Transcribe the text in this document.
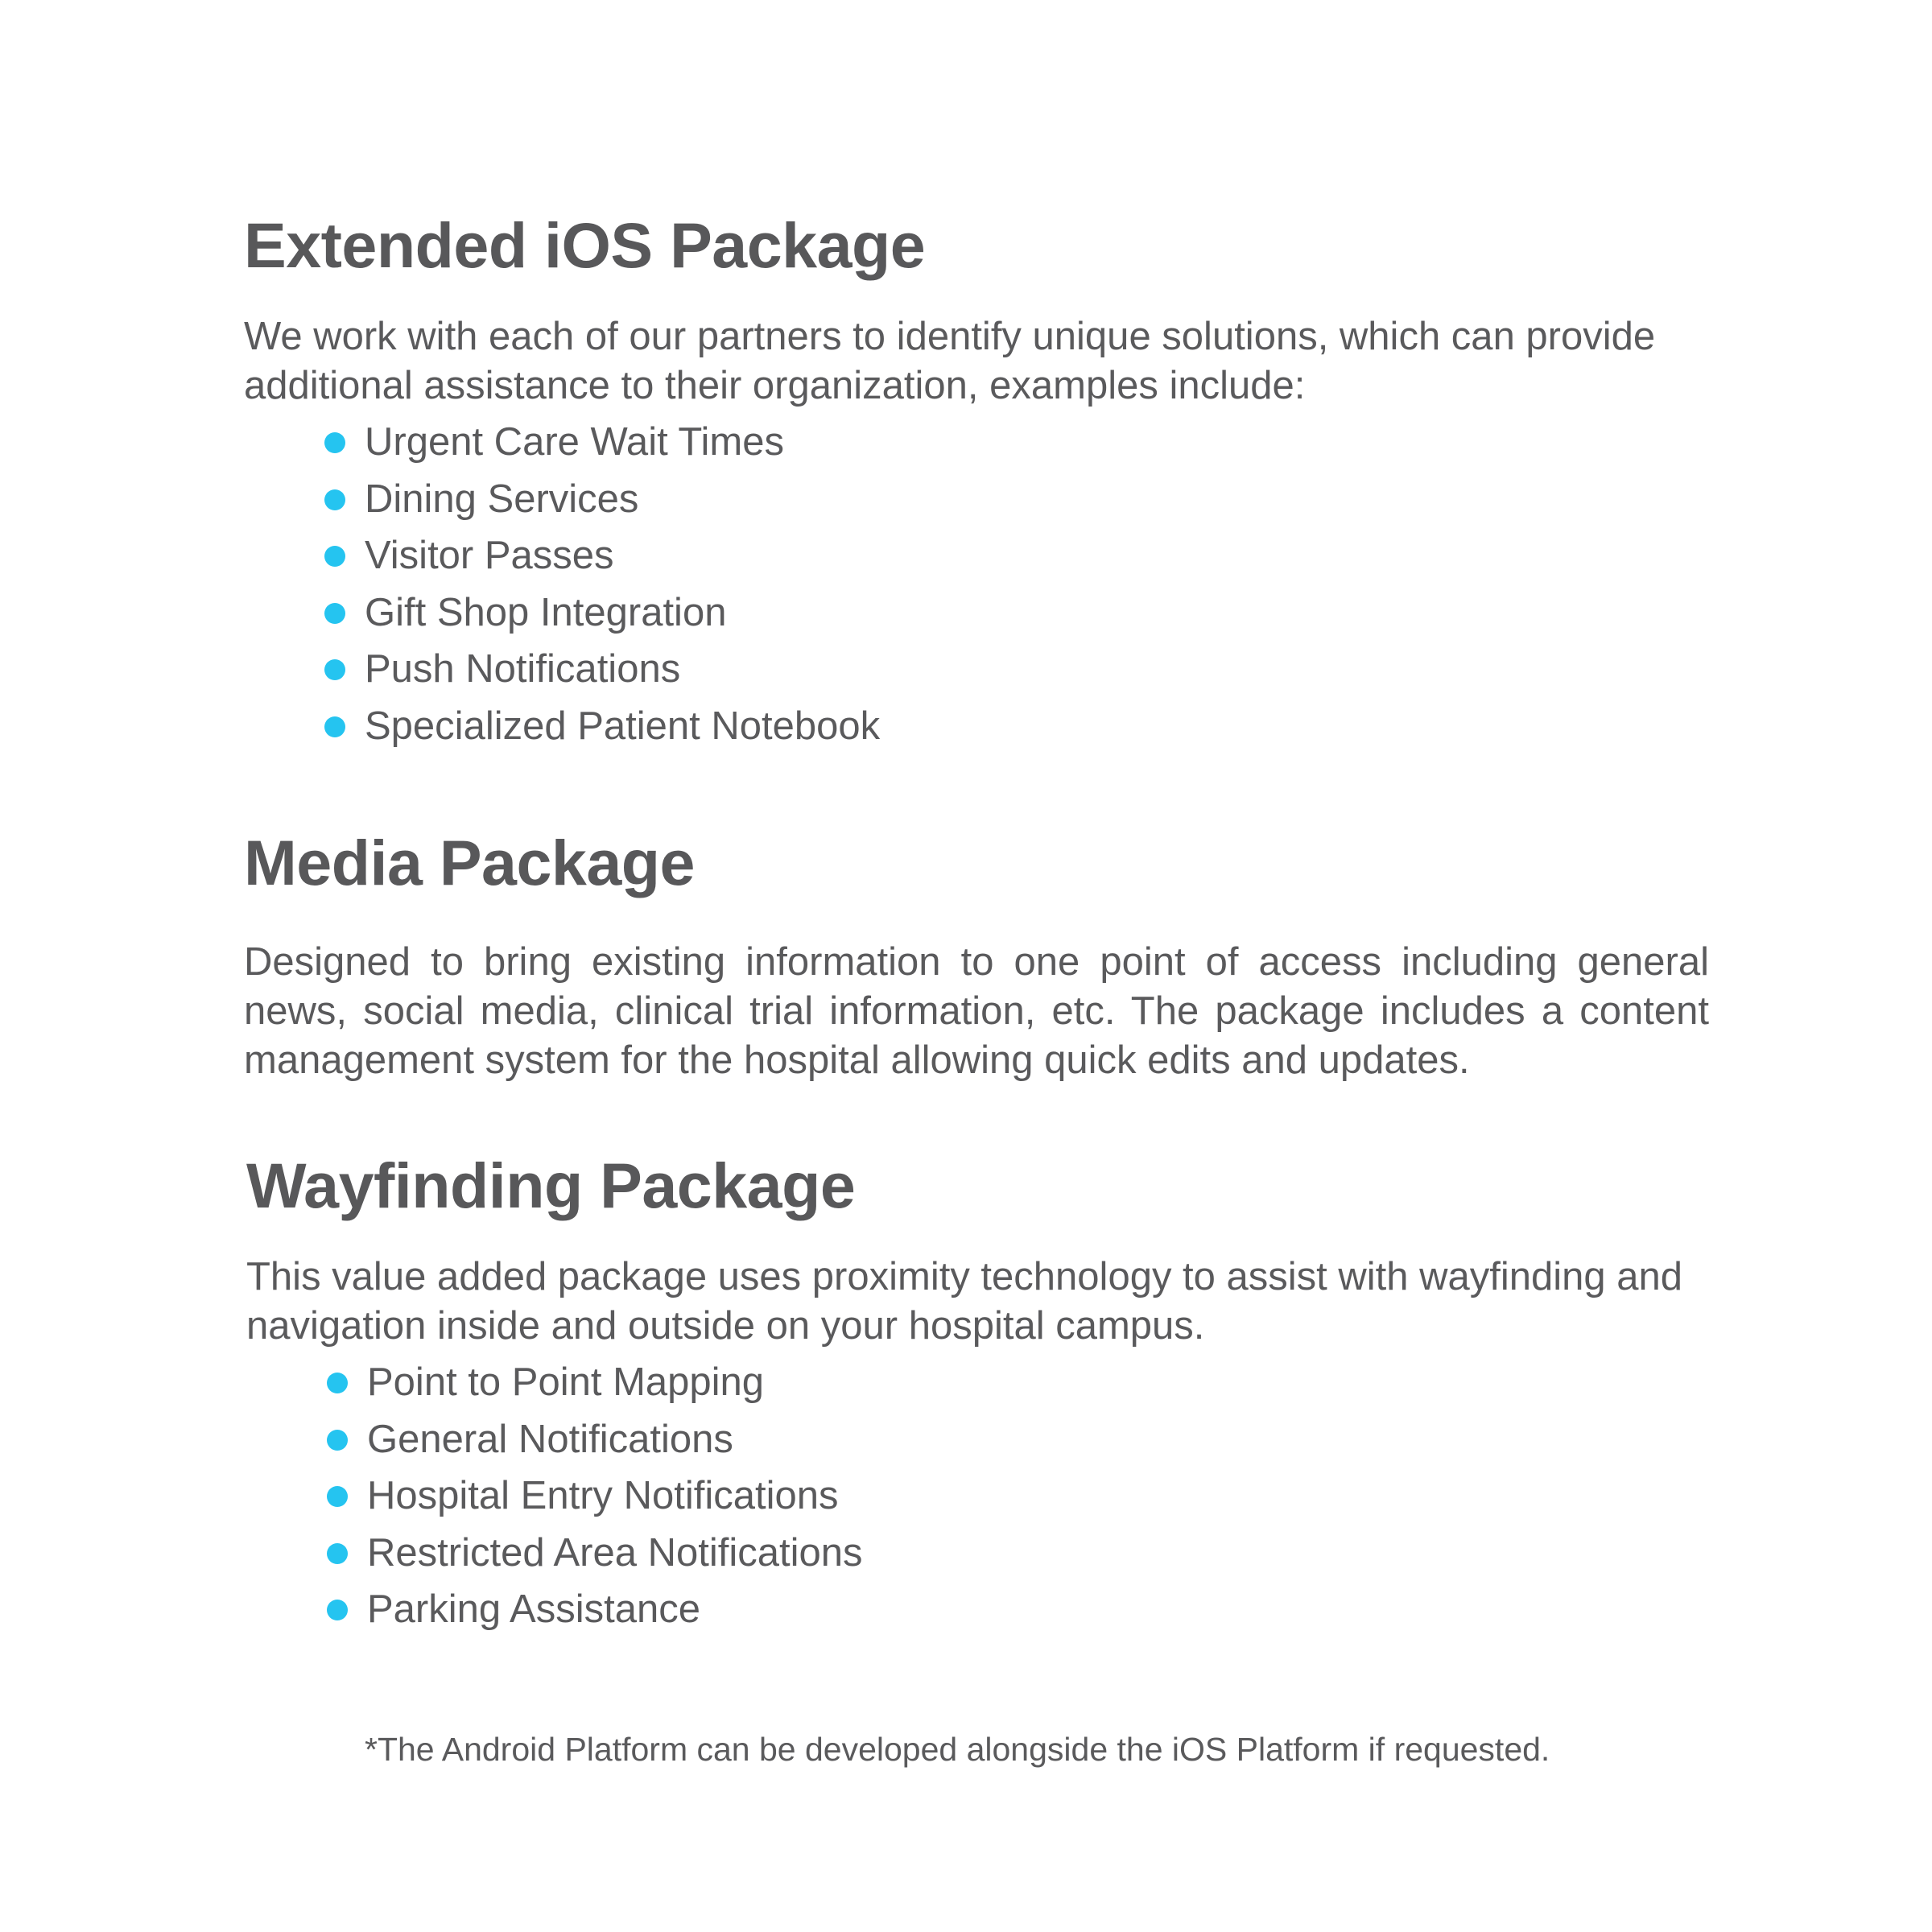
Extended iOS Package

We work with each of our partners to identify unique solutions, which can provide additional assistance to their organization, examples include:

Urgent Care Wait Times
Dining Services
Visitor Passes
Gift Shop Integration
Push Notifications
Specialized Patient Notebook
Media Package

Designed to bring existing information to one point of access including general news, social media, clinical trial information, etc. The package includes a content management system for the hospital allowing quick edits and updates.

Wayfinding Package

This value added package uses proximity technology to assist with wayfinding and navigation inside and outside on your hospital campus.

Point to Point Mapping
General Notifications
Hospital Entry Notifications
Restricted Area Notifications
Parking Assistance
*The Android Platform can be developed alongside the iOS Platform if requested.
